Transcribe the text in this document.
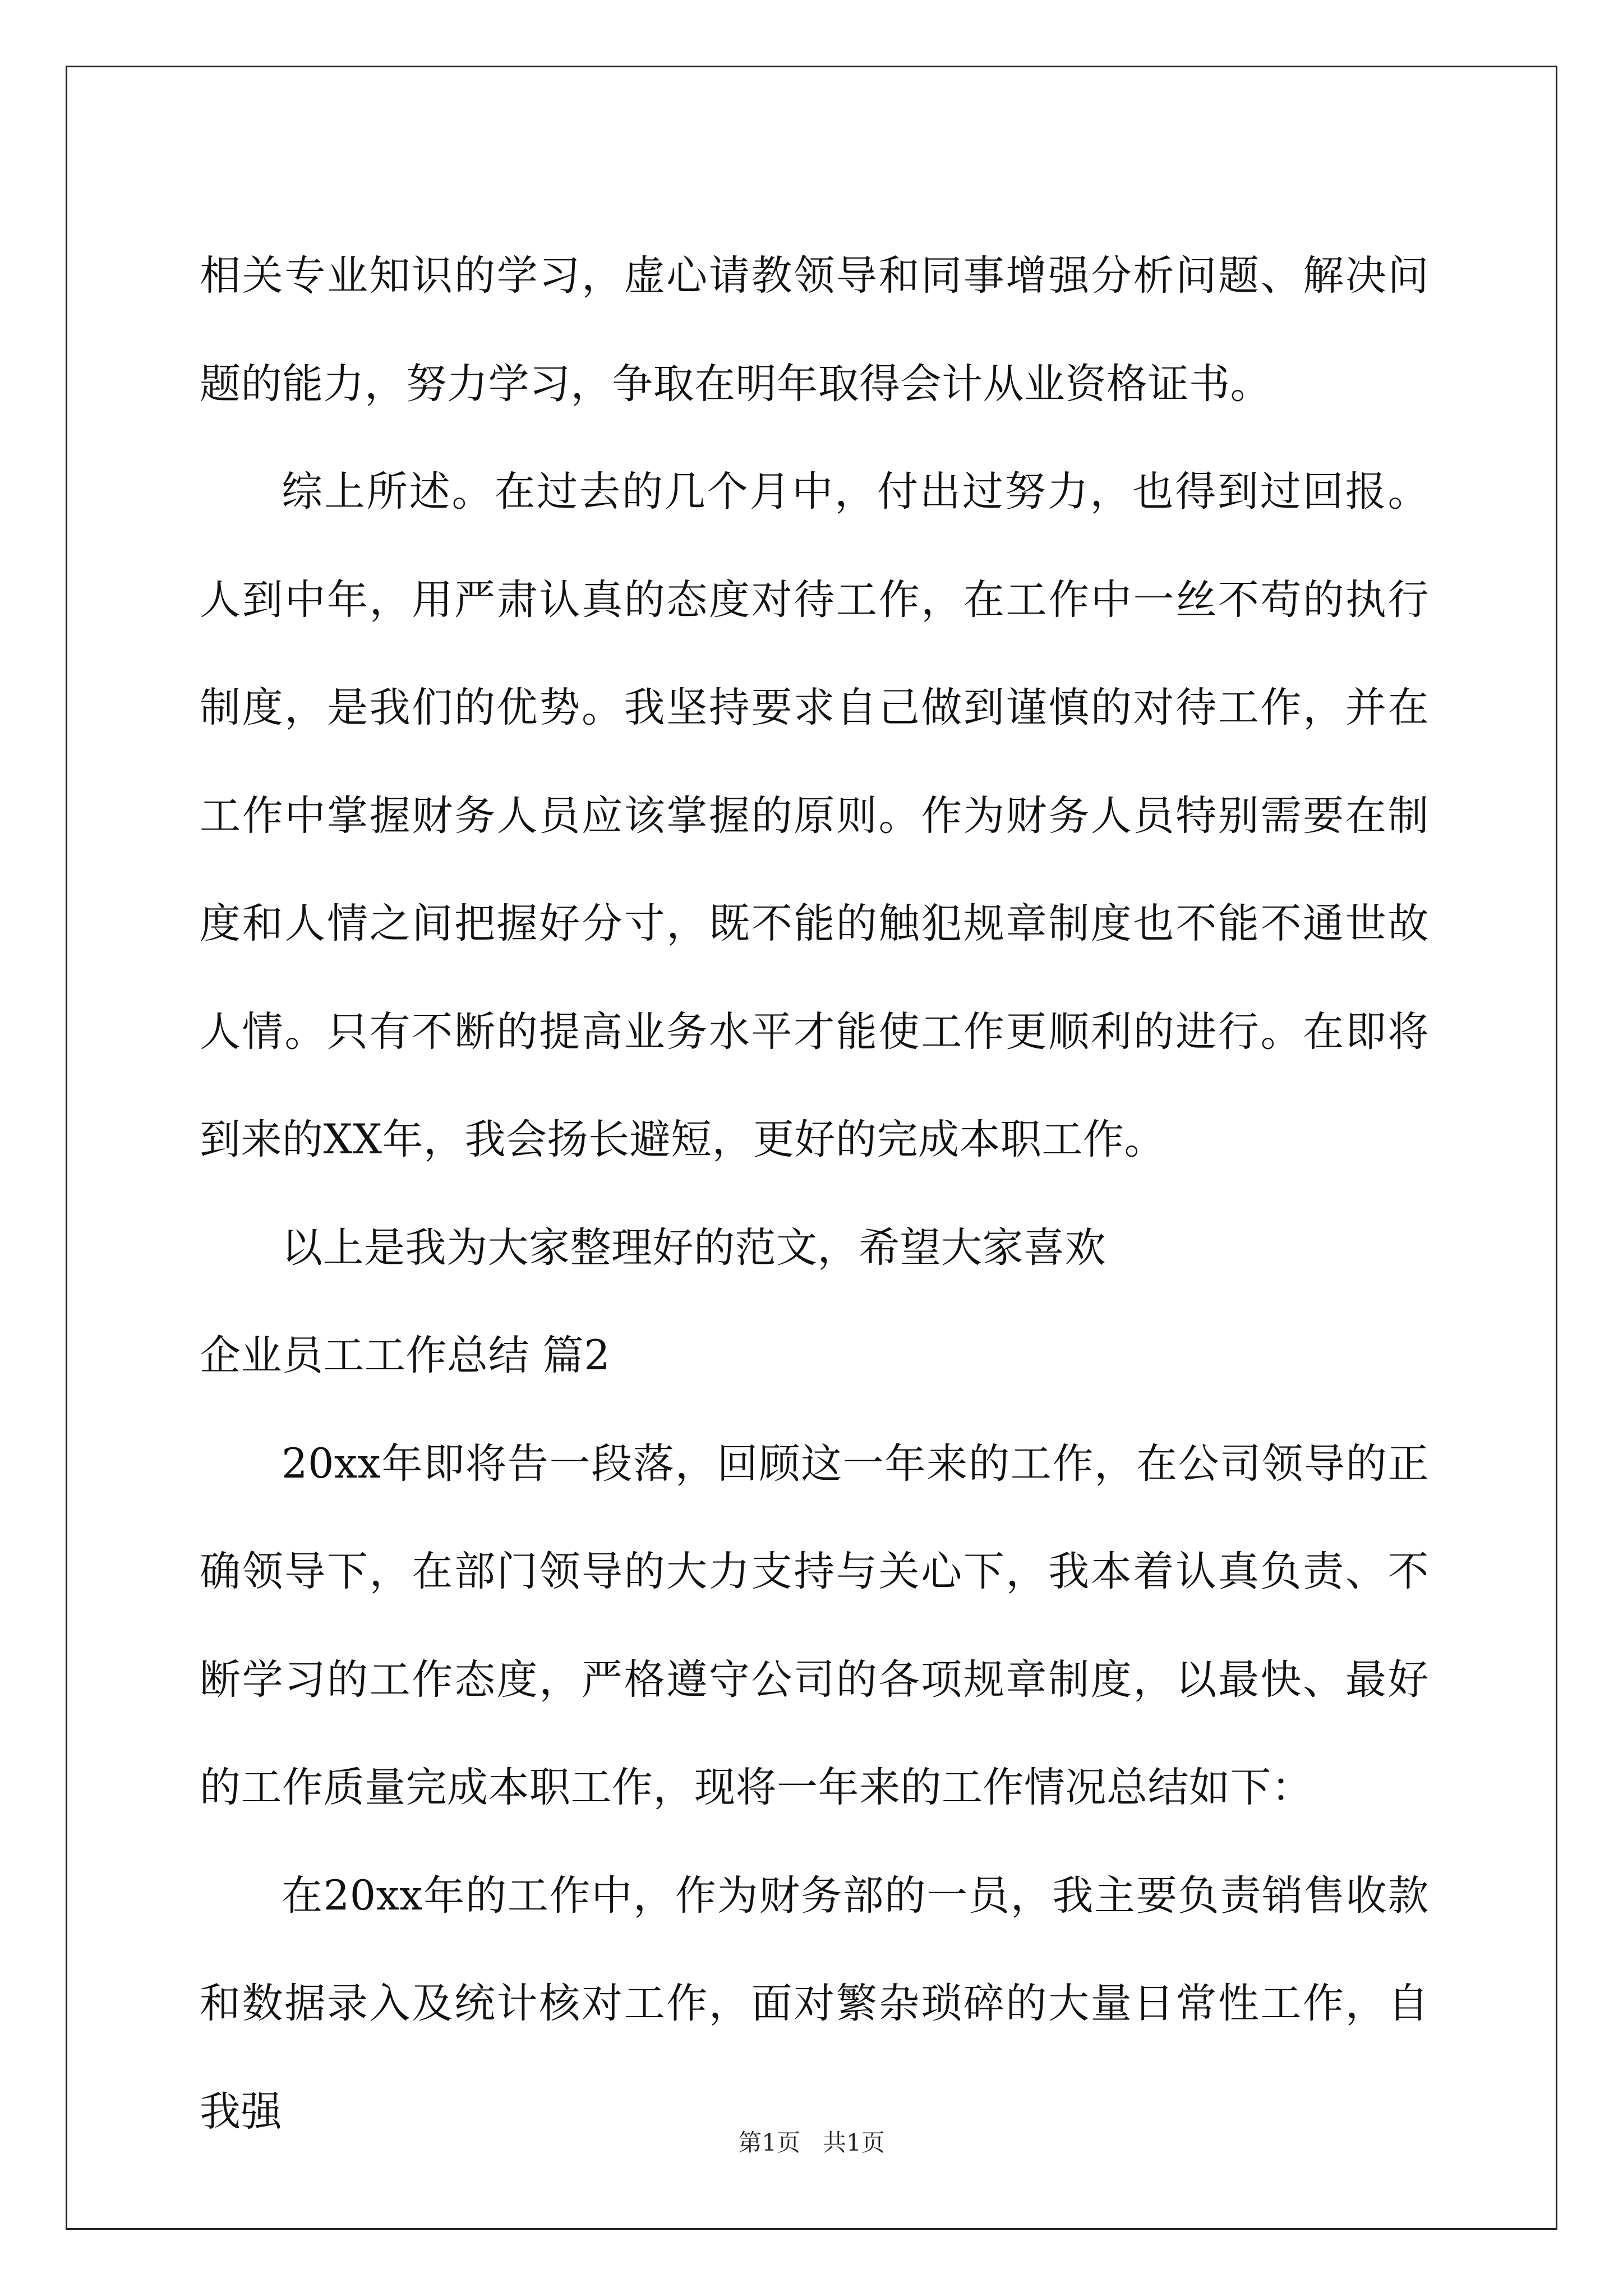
相关专业知识的学习，虚心请教领导和同事增强分析问题、解决问题的能力，努力学习，争取在明年取得会计从业资格证书。

综上所述。在过去的几个月中，付出过努力，也得到过回报。人到中年，用严肃认真的态度对待工作，在工作中一丝不苟的执行制度，是我们的优势。我坚持要求自己做到谨慎的对待工作，并在工作中掌握财务人员应该掌握的原则。作为财务人员特别需要在制度和人情之间把握好分寸，既不能的触犯规章制度也不能不通世故人情。只有不断的提高业务水平才能使工作更顺利的进行。在即将到来的XX年，我会扬长避短，更好的完成本职工作。

以上是我为大家整理好的范文，希望大家喜欢

企业员工工作总结 篇2

20xx年即将告一段落，回顾这一年来的工作，在公司领导的正确领导下，在部门领导的大力支持与关心下，我本着认真负责、不断学习的工作态度，严格遵守公司的各项规章制度，以最快、最好的工作质量完成本职工作，现将一年来的工作情况总结如下：

在20xx年的工作中，作为财务部的一员，我主要负责销售收款和数据录入及统计核对工作，面对繁杂琐碎的大量日常性工作，自我强

第1页 共1页
